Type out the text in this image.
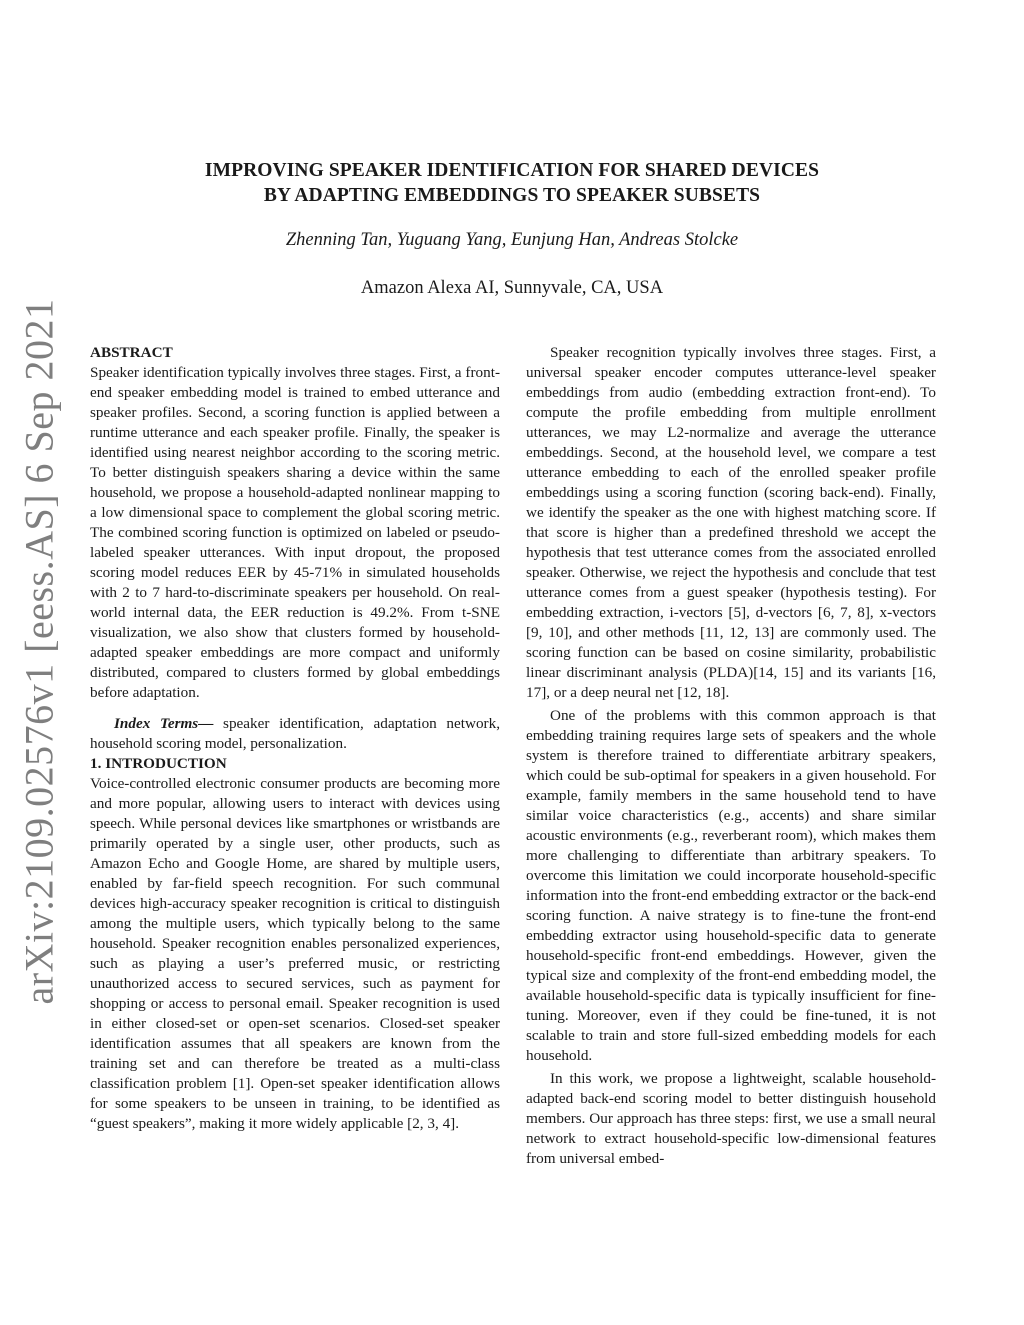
arXiv:2109.02576v1 [eess.AS] 6 Sep 2021
IMPROVING SPEAKER IDENTIFICATION FOR SHARED DEVICES
BY ADAPTING EMBEDDINGS TO SPEAKER SUBSETS
Zhenning Tan, Yuguang Yang, Eunjung Han, Andreas Stolcke
Amazon Alexa AI, Sunnyvale, CA, USA

ABSTRACT

Speaker identification typically involves three stages. First, a front-end speaker embedding model is trained to embed utterance and speaker profiles. Second, a scoring function is applied between a runtime utterance and each speaker profile. Finally, the speaker is identified using nearest neighbor according to the scoring metric. To better distinguish speakers sharing a device within the same household, we propose a household-adapted nonlinear mapping to a low dimensional space to complement the global scoring metric. The combined scoring function is optimized on labeled or pseudo-labeled speaker utterances. With input dropout, the proposed scoring model reduces EER by 45-71% in simulated households with 2 to 7 hard-to-discriminate speakers per household. On real-world internal data, the EER reduction is 49.2%. From t-SNE visualization, we also show that clusters formed by household-adapted speaker embeddings are more compact and uniformly distributed, compared to clusters formed by global embeddings before adaptation.

Index Terms— speaker identification, adaptation network, household scoring model, personalization.

1. INTRODUCTION

Voice-controlled electronic consumer products are becoming more and more popular, allowing users to interact with devices using speech. While personal devices like smartphones or wristbands are primarily operated by a single user, other products, such as Amazon Echo and Google Home, are shared by multiple users, enabled by far-field speech recognition. For such communal devices high-accuracy speaker recognition is critical to distinguish among the multiple users, which typically belong to the same household. Speaker recognition enables personalized experiences, such as playing a user’s preferred music, or restricting unauthorized access to secured services, such as payment for shopping or access to personal email. Speaker recognition is used in either closed-set or open-set scenarios. Closed-set speaker identification assumes that all speakers are known from the training set and can therefore be treated as a multi-class classification problem [1]. Open-set speaker identification allows for some speakers to be unseen in training, to be identified as “guest speakers”, making it more widely applicable [2, 3, 4].

Speaker recognition typically involves three stages. First, a universal speaker encoder computes utterance-level speaker embeddings from audio (embedding extraction front-end). To compute the profile embedding from multiple enrollment utterances, we may L2-normalize and average the utterance embeddings. Second, at the household level, we compare a test utterance embedding to each of the enrolled speaker profile embeddings using a scoring function (scoring back-end). Finally, we identify the speaker as the one with highest matching score. If that score is higher than a predefined threshold we accept the hypothesis that test utterance comes from the associated enrolled speaker. Otherwise, we reject the hypothesis and conclude that test utterance comes from a guest speaker (hypothesis testing). For embedding extraction, i-vectors [5], d-vectors [6, 7, 8], x-vectors [9, 10], and other methods [11, 12, 13] are commonly used. The scoring function can be based on cosine similarity, probabilistic linear discriminant analysis (PLDA)[14, 15] and its variants [16, 17], or a deep neural net [12, 18].

One of the problems with this common approach is that embedding training requires large sets of speakers and the whole system is therefore trained to differentiate arbitrary speakers, which could be sub-optimal for speakers in a given household. For example, family members in the same household tend to have similar voice characteristics (e.g., accents) and share similar acoustic environments (e.g., reverberant room), which makes them more challenging to differentiate than arbitrary speakers. To overcome this limitation we could incorporate household-specific information into the front-end embedding extractor or the back-end scoring function. A naive strategy is to fine-tune the front-end embedding extractor using household-specific data to generate household-specific front-end embeddings. However, given the typical size and complexity of the front-end embedding model, the available household-specific data is typically insufficient for fine-tuning. Moreover, even if they could be fine-tuned, it is not scalable to train and store full-sized embedding models for each household.

In this work, we propose a lightweight, scalable household-adapted back-end scoring model to better distinguish household members. Our approach has three steps: first, we use a small neural network to extract household-specific low-dimensional features from universal embed-
